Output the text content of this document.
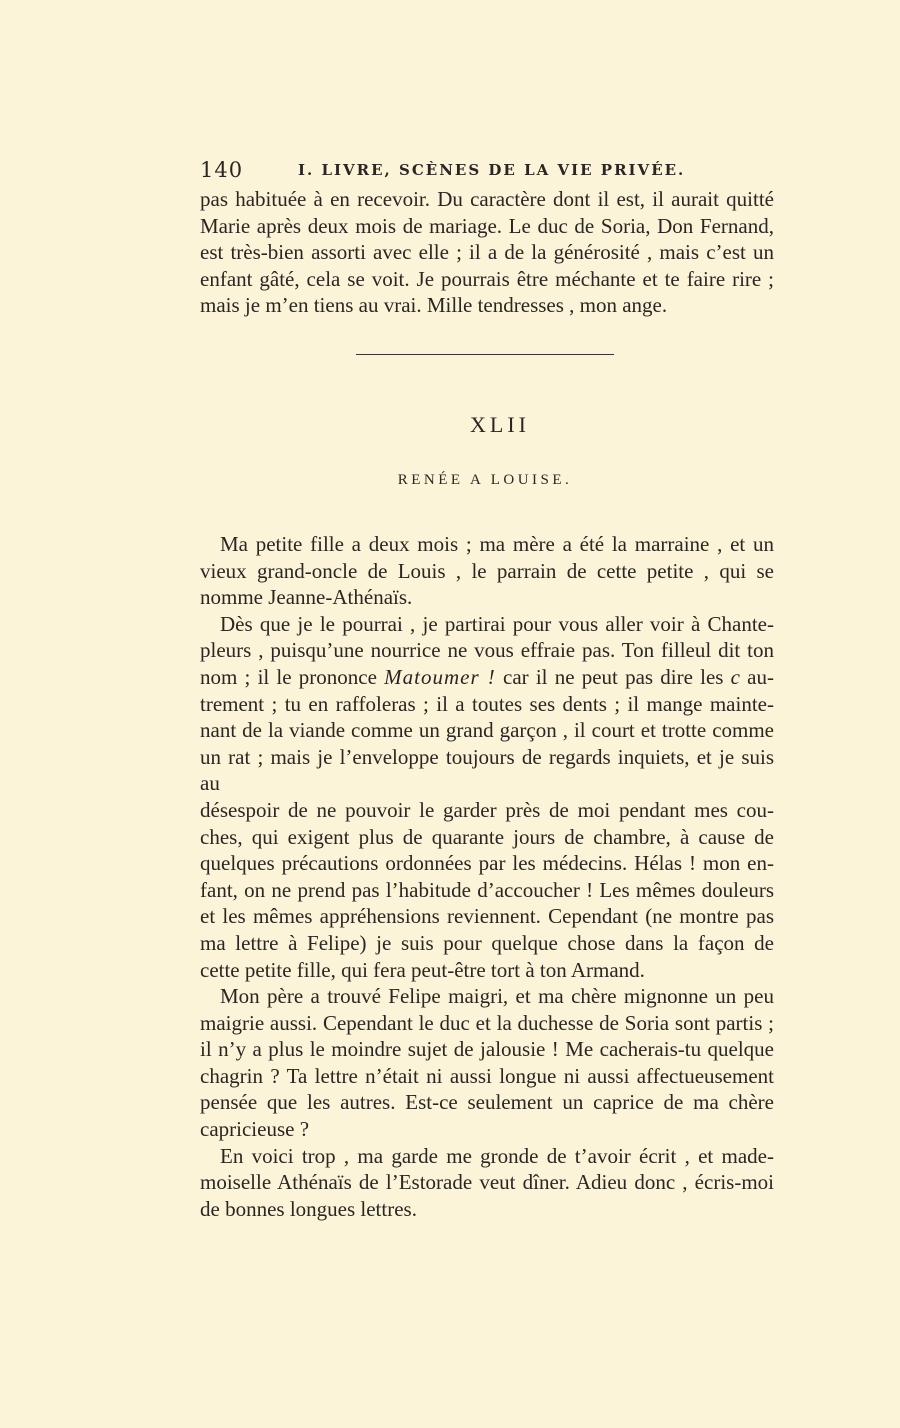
140	I. LIVRE, SCÈNES DE LA VIE PRIVÉE.

pas habituée à en recevoir. Du caractère dont il est, il aurait quitté

Marie après deux mois de mariage. Le duc de Soria, Don Fernand,

est très-bien assorti avec elle ; il a de la générosité , mais c’est un

enfant gâté, cela se voit. Je pourrais être méchante et te faire rire ;

mais je m’en tiens au vrai. Mille tendresses , mon ange.

XLII
RENÉE A LOUISE.

Ma petite fille a deux mois ; ma mère a été la marraine , et un

vieux grand-oncle de Louis , le parrain de cette petite , qui se

nomme Jeanne-Athénaïs.

Dès que je le pourrai , je partirai pour vous aller voir à Chante-

pleurs , puisqu’une nourrice ne vous effraie pas. Ton filleul dit ton

nom ; il le prononce Matoumer ! car il ne peut pas dire les c au-

trement ; tu en raffoleras ; il a toutes ses dents ; il mange mainte-

nant de la viande comme un grand garçon , il court et trotte comme

un rat ; mais je l’enveloppe toujours de regards inquiets, et je suis au

désespoir de ne pouvoir le garder près de moi pendant mes cou-

ches, qui exigent plus de quarante jours de chambre, à cause de

quelques précautions ordonnées par les médecins. Hélas ! mon en-

fant, on ne prend pas l’habitude d’accoucher ! Les mêmes douleurs

et les mêmes appréhensions reviennent. Cependant (ne montre pas

ma lettre à Felipe) je suis pour quelque chose dans la façon de

cette petite fille, qui fera peut-être tort à ton Armand.

Mon père a trouvé Felipe maigri, et ma chère mignonne un peu

maigrie aussi. Cependant le duc et la duchesse de Soria sont partis ;

il n’y a plus le moindre sujet de jalousie ! Me cacherais-tu quelque

chagrin ? Ta lettre n’était ni aussi longue ni aussi affectueusement

pensée que les autres. Est-ce seulement un caprice de ma chère

capricieuse ?

En voici trop , ma garde me gronde de t’avoir écrit , et made-

moiselle Athénaïs de l’Estorade veut dîner. Adieu donc , écris-moi

de bonnes longues lettres.
